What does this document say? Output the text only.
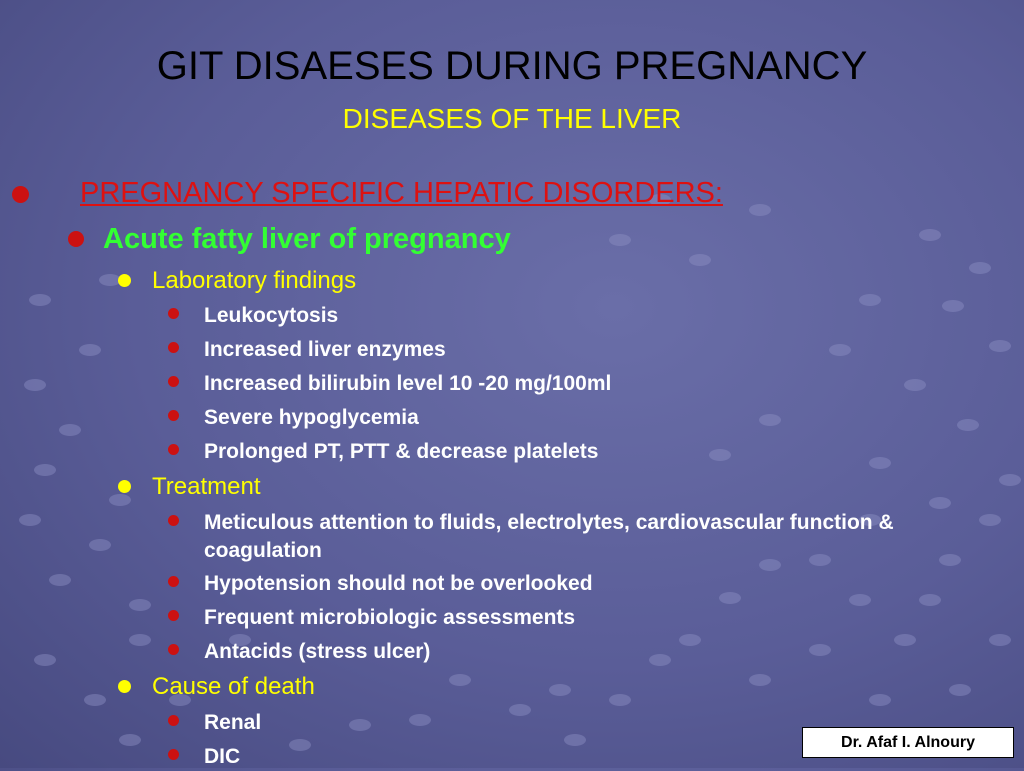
GIT DISAESES DURING PREGNANCY
DISEASES OF THE LIVER
PREGNANCY SPECIFIC HEPATIC DISORDERS:
Acute fatty liver of pregnancy
Laboratory findings
Leukocytosis
Increased liver enzymes
Increased bilirubin level 10 -20 mg/100ml
Severe hypoglycemia
Prolonged PT, PTT & decrease platelets
Treatment
Meticulous attention to fluids, electrolytes, cardiovascular function & coagulation
Hypotension should not be overlooked
Frequent microbiologic assessments
Antacids (stress ulcer)
Cause of death
Renal
DIC
Dr. Afaf I. Alnoury
